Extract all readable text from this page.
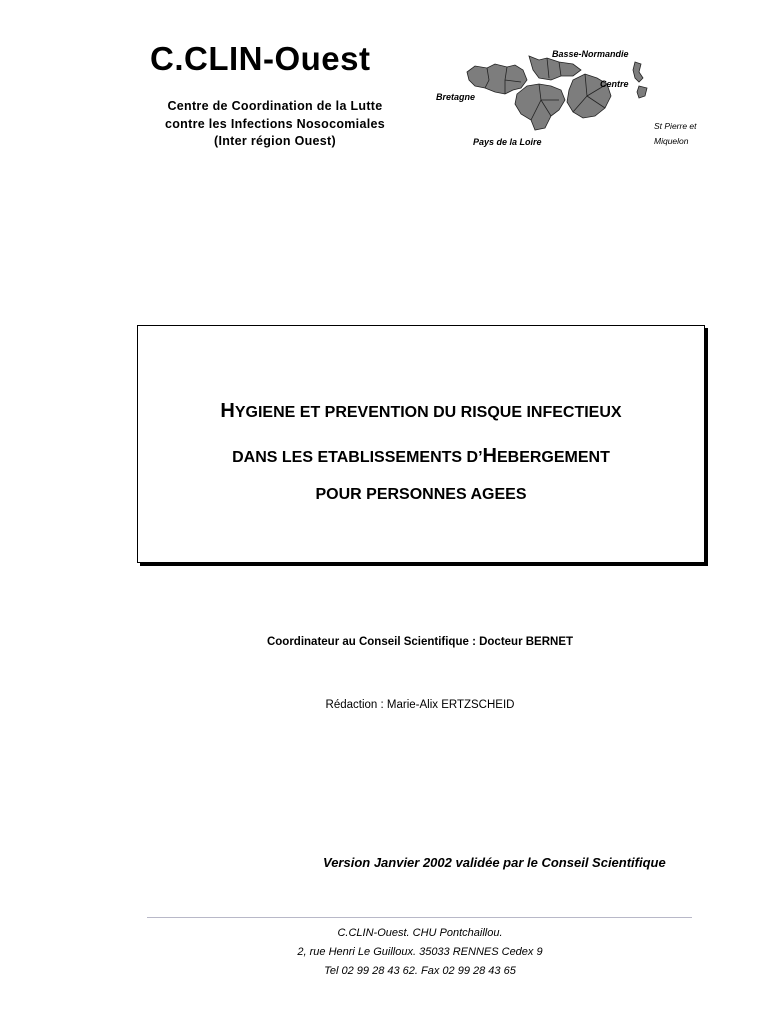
C.CLIN-Ouest
Centre de Coordination de la Lutte
contre les Infections Nosocomiales
(Inter région Ouest)
Basse-Normandie
Centre
Bretagne
Pays de la Loire
St Pierre et
Miquelon
HYGIENE ET PREVENTION DU RISQUE INFECTIEUX
DANS LES ETABLISSEMENTS D’HEBERGEMENT
POUR PERSONNES AGEES
Coordinateur au Conseil Scientifique : Docteur BERNET
Rédaction : Marie-Alix ERTZSCHEID
Version Janvier 2002 validée par le Conseil Scientifique
C.CLIN-Ouest. CHU Pontchaillou.
2, rue Henri Le Guilloux. 35033 RENNES Cedex 9
Tel 02 99 28 43 62. Fax 02 99 28 43 65
